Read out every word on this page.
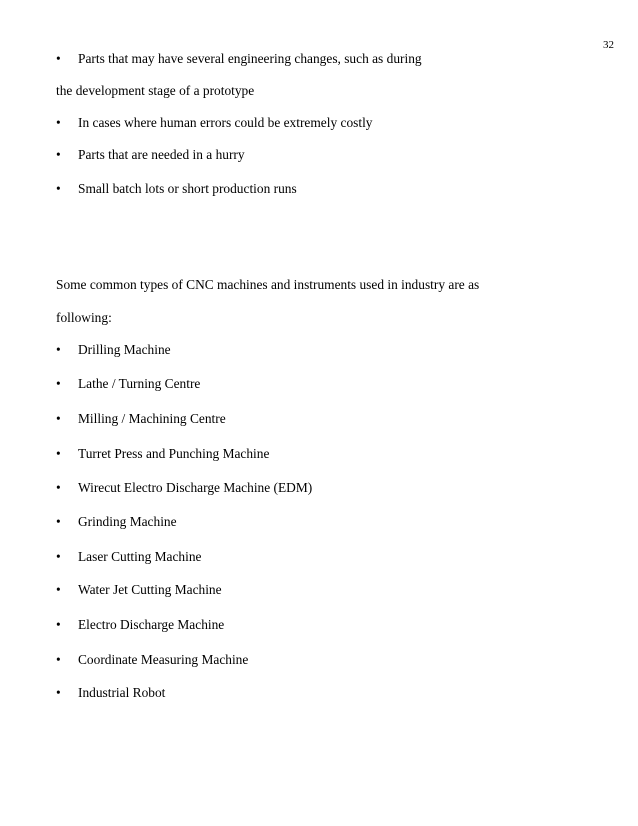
32
• Parts that may have several engineering changes, such as during
the development stage of a prototype
• In cases where human errors could be extremely costly
• Parts that are needed in a hurry
• Small batch lots or short production runs
Some common types of CNC machines and instruments used in industry are as
following:
• Drilling Machine
• Lathe / Turning Centre
• Milling / Machining Centre
• Turret Press and Punching Machine
• Wirecut Electro Discharge Machine (EDM)
• Grinding Machine
• Laser Cutting Machine
• Water Jet Cutting Machine
• Electro Discharge Machine
• Coordinate Measuring Machine
• Industrial Robot
